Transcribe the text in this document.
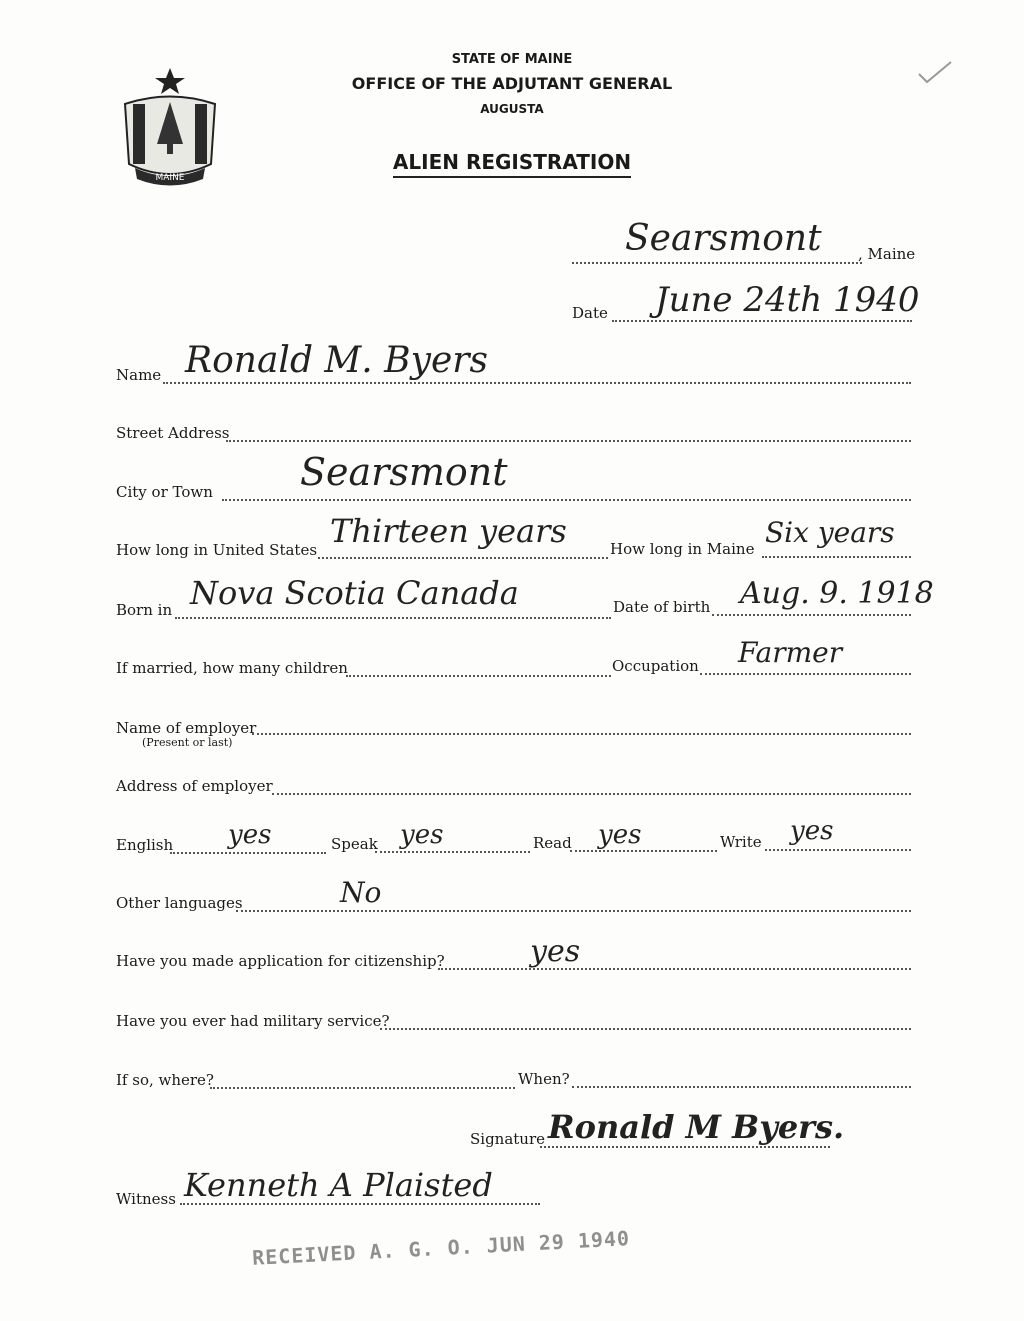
MAINE
STATE OF MAINE
OFFICE OF THE ADJUTANT GENERAL
AUGUSTA
ALIEN REGISTRATION
Searsmont , Maine
Date June 24th 1940
Name Ronald M. Byers
Street Address
City or Town Searsmont
How long in United States Thirteen years	How long in Maine Six years
Born in Nova Scotia Canada	Date of birth Aug. 9. 1918
If married, how many children	Occupation Farmer
Name of employer
(Present or last)
Address of employer
English yes	Speak yes	Read yes	Write yes
Other languages	No
Have you made application for citizenship?	yes
Have you ever had military service?
If so, where?	When?
Signature Ronald M Byers.
Witness Kenneth A Plaisted
RECEIVED A. G. O. JUN 29 1940
